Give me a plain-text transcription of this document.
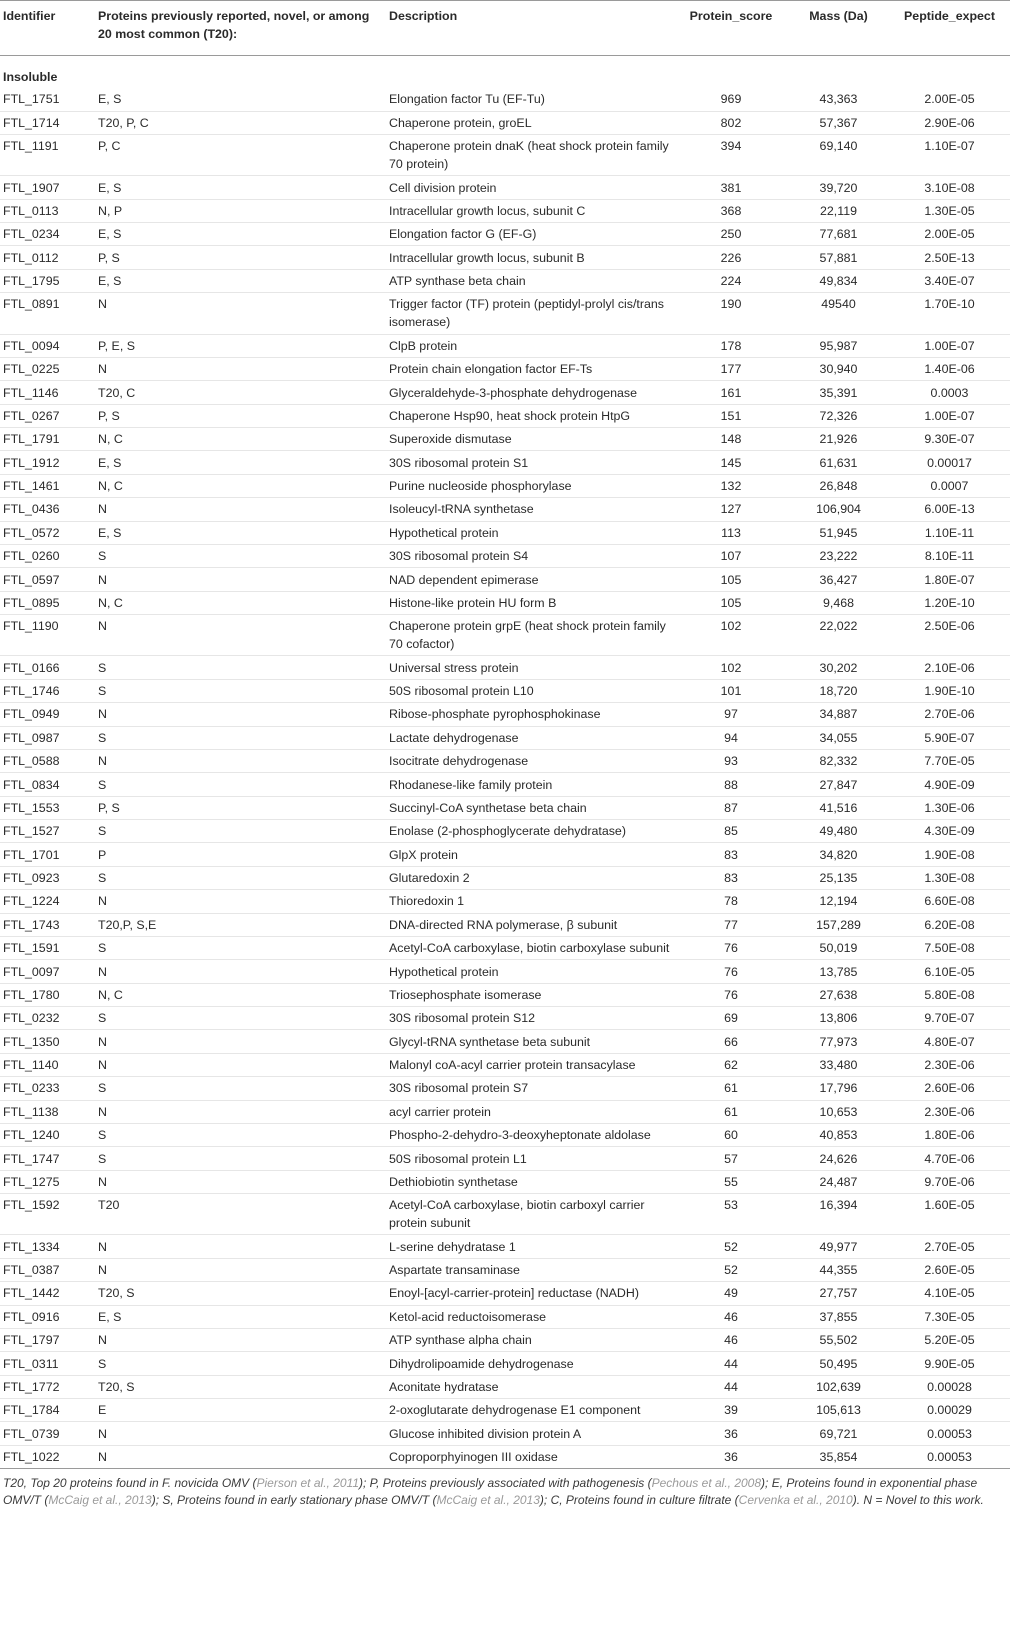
Identifier	Proteins previously reported, novel, or among 20 most common (T20):	Description	Protein_score	Mass (Da)	Peptide_expect
Insoluble					
FTL_1751	E, S	Elongation factor Tu (EF-Tu)	969	43,363	2.00E-05
FTL_1714	T20, P, C	Chaperone protein, groEL	802	57,367	2.90E-06
FTL_1191	P, C	Chaperone protein dnaK (heat shock protein family 70 protein)	394	69,140	1.10E-07
FTL_1907	E, S	Cell division protein	381	39,720	3.10E-08
FTL_0113	N, P	Intracellular growth locus, subunit C	368	22,119	1.30E-05
FTL_0234	E, S	Elongation factor G (EF-G)	250	77,681	2.00E-05
FTL_0112	P, S	Intracellular growth locus, subunit B	226	57,881	2.50E-13
FTL_1795	E, S	ATP synthase beta chain	224	49,834	3.40E-07
FTL_0891	N	Trigger factor (TF) protein (peptidyl-prolyl cis/trans isomerase)	190	49540	1.70E-10
FTL_0094	P, E, S	ClpB protein	178	95,987	1.00E-07
FTL_0225	N	Protein chain elongation factor EF-Ts	177	30,940	1.40E-06
FTL_1146	T20, C	Glyceraldehyde-3-phosphate dehydrogenase	161	35,391	0.0003
FTL_0267	P, S	Chaperone Hsp90, heat shock protein HtpG	151	72,326	1.00E-07
FTL_1791	N, C	Superoxide dismutase	148	21,926	9.30E-07
FTL_1912	E, S	30S ribosomal protein S1	145	61,631	0.00017
FTL_1461	N, C	Purine nucleoside phosphorylase	132	26,848	0.0007
FTL_0436	N	Isoleucyl-tRNA synthetase	127	106,904	6.00E-13
FTL_0572	E, S	Hypothetical protein	113	51,945	1.10E-11
FTL_0260	S	30S ribosomal protein S4	107	23,222	8.10E-11
FTL_0597	N	NAD dependent epimerase	105	36,427	1.80E-07
FTL_0895	N, C	Histone-like protein HU form B	105	9,468	1.20E-10
FTL_1190	N	Chaperone protein grpE (heat shock protein family 70 cofactor)	102	22,022	2.50E-06
FTL_0166	S	Universal stress protein	102	30,202	2.10E-06
FTL_1746	S	50S ribosomal protein L10	101	18,720	1.90E-10
FTL_0949	N	Ribose-phosphate pyrophosphokinase	97	34,887	2.70E-06
FTL_0987	S	Lactate dehydrogenase	94	34,055	5.90E-07
FTL_0588	N	Isocitrate dehydrogenase	93	82,332	7.70E-05
FTL_0834	S	Rhodanese-like family protein	88	27,847	4.90E-09
FTL_1553	P, S	Succinyl-CoA synthetase beta chain	87	41,516	1.30E-06
FTL_1527	S	Enolase (2-phosphoglycerate dehydratase)	85	49,480	4.30E-09
FTL_1701	P	GlpX protein	83	34,820	1.90E-08
FTL_0923	S	Glutaredoxin 2	83	25,135	1.30E-08
FTL_1224	N	Thioredoxin 1	78	12,194	6.60E-08
FTL_1743	T20,P, S,E	DNA-directed RNA polymerase, β subunit	77	157,289	6.20E-08
FTL_1591	S	Acetyl-CoA carboxylase, biotin carboxylase subunit	76	50,019	7.50E-08
FTL_0097	N	Hypothetical protein	76	13,785	6.10E-05
FTL_1780	N, C	Triosephosphate isomerase	76	27,638	5.80E-08
FTL_0232	S	30S ribosomal protein S12	69	13,806	9.70E-07
FTL_1350	N	Glycyl-tRNA synthetase beta subunit	66	77,973	4.80E-07
FTL_1140	N	Malonyl coA-acyl carrier protein transacylase	62	33,480	2.30E-06
FTL_0233	S	30S ribosomal protein S7	61	17,796	2.60E-06
FTL_1138	N	acyl carrier protein	61	10,653	2.30E-06
FTL_1240	S	Phospho-2-dehydro-3-deoxyheptonate aldolase	60	40,853	1.80E-06
FTL_1747	S	50S ribosomal protein L1	57	24,626	4.70E-06
FTL_1275	N	Dethiobiotin synthetase	55	24,487	9.70E-06
FTL_1592	T20	Acetyl-CoA carboxylase, biotin carboxyl carrier protein subunit	53	16,394	1.60E-05
FTL_1334	N	L-serine dehydratase 1	52	49,977	2.70E-05
FTL_0387	N	Aspartate transaminase	52	44,355	2.60E-05
FTL_1442	T20, S	Enoyl-[acyl-carrier-protein] reductase (NADH)	49	27,757	4.10E-05
FTL_0916	E, S	Ketol-acid reductoisomerase	46	37,855	7.30E-05
FTL_1797	N	ATP synthase alpha chain	46	55,502	5.20E-05
FTL_0311	S	Dihydrolipoamide dehydrogenase	44	50,495	9.90E-05
FTL_1772	T20, S	Aconitate hydratase	44	102,639	0.00028
FTL_1784	E	2-oxoglutarate dehydrogenase E1 component	39	105,613	0.00029
FTL_0739	N	Glucose inhibited division protein A	36	69,721	0.00053
FTL_1022	N	Coproporphyinogen III oxidase	36	35,854	0.00053
T20, Top 20 proteins found in F. novicida OMV (Pierson et al., 2011); P, Proteins previously associated with pathogenesis (Pechous et al., 2008); E, Proteins found in exponential phase OMV/T (McCaig et al., 2013); S, Proteins found in early stationary phase OMV/T (McCaig et al., 2013); C, Proteins found in culture filtrate (Cervenka et al., 2010). N = Novel to this work.
